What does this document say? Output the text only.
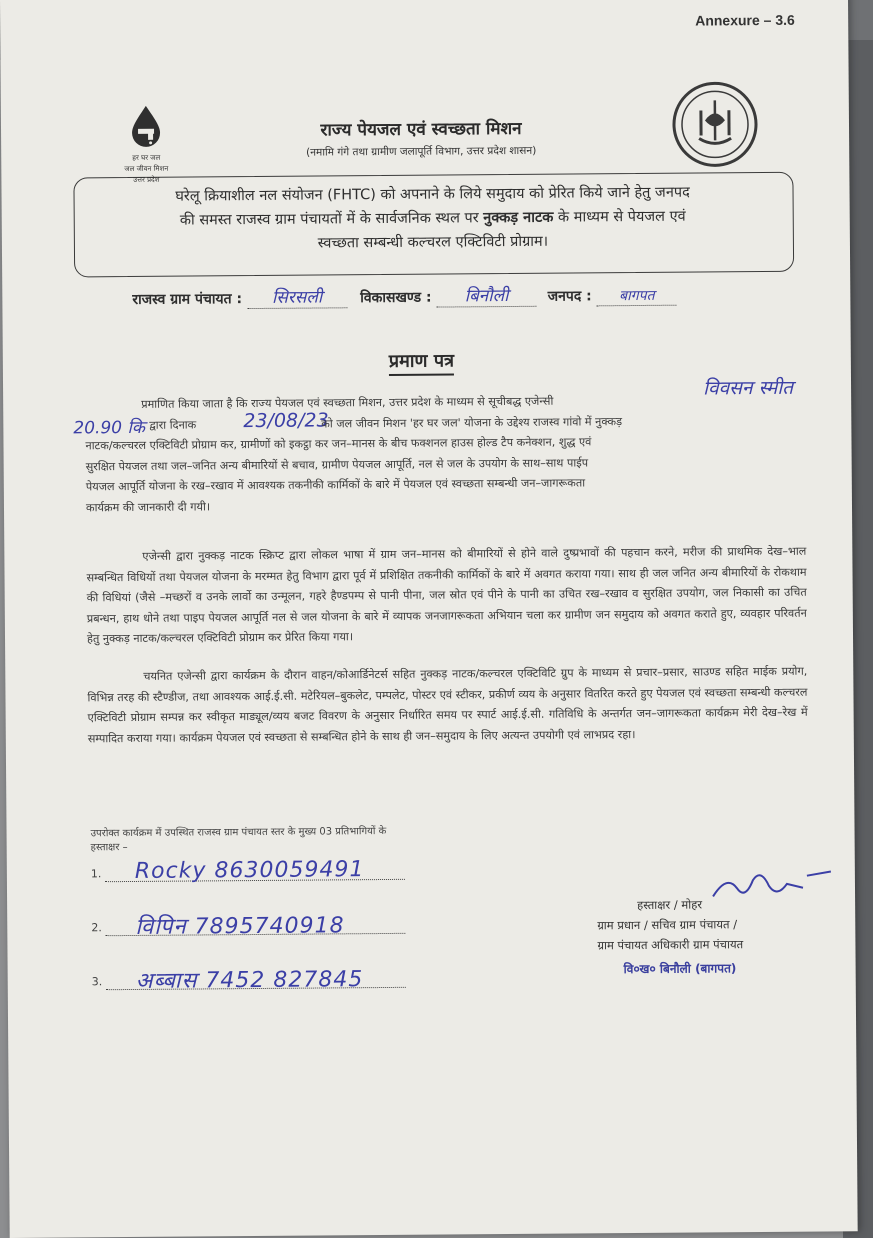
Annexure – 3.6
हर घर जल
जल जीवन मिशन
उत्तर प्रदेश
राज्य पेयजल एवं स्वच्छता मिशन
(नमामि गंगे तथा ग्रामीण जलापूर्ति विभाग, उत्तर प्रदेश शासन)
घरेलू क्रियाशील नल संयोजन (FHTC) को अपनाने के लिये समुदाय को प्रेरित किये जाने हेतु जनपद
की समस्त राजस्व ग्राम पंचायतों में के सार्वजनिक स्थल पर नुक्कड़ नाटक के माध्यम से पेयजल एवं
स्वच्छता सम्बन्धी कल्चरल एक्टिविटी प्रोग्राम।
राजस्व ग्राम पंचायत : सिरसली	विकासखण्ड : बिनौली	जनपद : बागपत
प्रमाण पत्र
विवसन स्मीत
20.90 कि	23/08/23
प्रमाणित किया जाता है कि राज्य पेयजल एवं स्वच्छता मिशन, उत्तर प्रदेश के माध्यम से सूचीबद्ध एजेन्सी
द्वारा दिनाक	को जल जीवन मिशन 'हर घर जल' योजना के उद्देश्य राजस्व गांवो में नुक्कड़
नाटक/कल्चरल एक्टिविटी प्रोग्राम कर, ग्रामीणों को इकट्ठा कर जन–मानस के बीच फक्शनल हाउस होल्ड टैप कनेक्शन, शुद्ध एवं
सुरक्षित पेयजल तथा जल–जनित अन्य बीमारियों से बचाव, ग्रामीण पेयजल आपूर्ति, नल से जल के उपयोग के साथ–साथ पाईप
पेयजल आपूर्ति योजना के रख–रखाव में आवश्यक तकनीकी कार्मिकों के बारे में पेयजल एवं स्वच्छता सम्बन्धी जन–जागरूकता
कार्यक्रम की जानकारी दी गयी।
एजेन्सी द्वारा नुक्कड़ नाटक स्क्रिप्ट द्वारा लोकल भाषा में ग्राम जन–मानस को बीमारियों से होने वाले दुष्प्रभावों की पहचान करने, मरीज की प्राथमिक देख–भाल सम्बन्धित विधियों तथा पेयजल योजना के मरम्मत हेतु विभाग द्वारा पूर्व में प्रशिक्षित तकनीकी कार्मिकों के बारे में अवगत कराया गया। साथ ही जल जनित अन्य बीमारियों के रोकथाम की विधियां (जैसे –मच्छरों व उनके लार्वो का उन्मूलन, गहरे हैण्डपम्प से पानी पीना, जल स्रोत एवं पीने के पानी का उचित रख–रखाव व सुरक्षित उपयोग, जल निकासी का उचित प्रबन्धन, हाथ धोने तथा पाइप पेयजल आपूर्ति नल से जल योजना के बारे में व्यापक जनजागरूकता अभियान चला कर ग्रामीण जन समुदाय को अवगत कराते हुए, व्यवहार परिवर्तन हेतु नुक्कड़ नाटक/कल्चरल एक्टिविटी प्रोग्राम कर प्रेरित किया गया।
चयनित एजेन्सी द्वारा कार्यक्रम के दौरान वाहन/कोआर्डिनेटर्स सहित नुक्कड़ नाटक/कल्चरल एक्टिविटि ग्रुप के माध्यम से प्रचार–प्रसार, साउण्ड सहित माईक प्रयोग, विभिन्न तरह की स्टैण्डीज, तथा आवश्यक आई.ई.सी. मटेरियल–बुकलेट, पम्पलेट, पोस्टर एवं स्टीकर, प्रकीर्ण व्यय के अनुसार वितरित करते हुए पेयजल एवं स्वच्छता सम्बन्धी कल्चरल एक्टिविटी प्रोग्राम सम्पन्न कर स्वीकृत माड्यूल/व्यय बजट विवरण के अनुसार निर्धारित समय पर स्पार्ट आई.ई.सी. गतिविधि के अन्तर्गत जन–जागरूकता कार्यक्रम मेरी देख–रेख में सम्पादित कराया गया। कार्यक्रम पेयजल एवं स्वच्छता से सम्बन्धित होने के साथ ही जन–समुदाय के लिए अत्यन्त उपयोगी एवं लाभप्रद रहा।
उपरोक्त कार्यक्रम में उपस्थित राजस्व ग्राम पंचायत स्तर के मुख्य 03 प्रतिभागियों के
हस्ताक्षर –
1. Rocky 8630059491
2. विपिन 7895740918
3. अब्बास 7452 827845
हस्ताक्षर / मोहर
ग्राम प्रधान / सचिव ग्राम पंचायत /
ग्राम पंचायत अधिकारी ग्राम पंचायत
वि०ख० बिनौली (बागपत)
